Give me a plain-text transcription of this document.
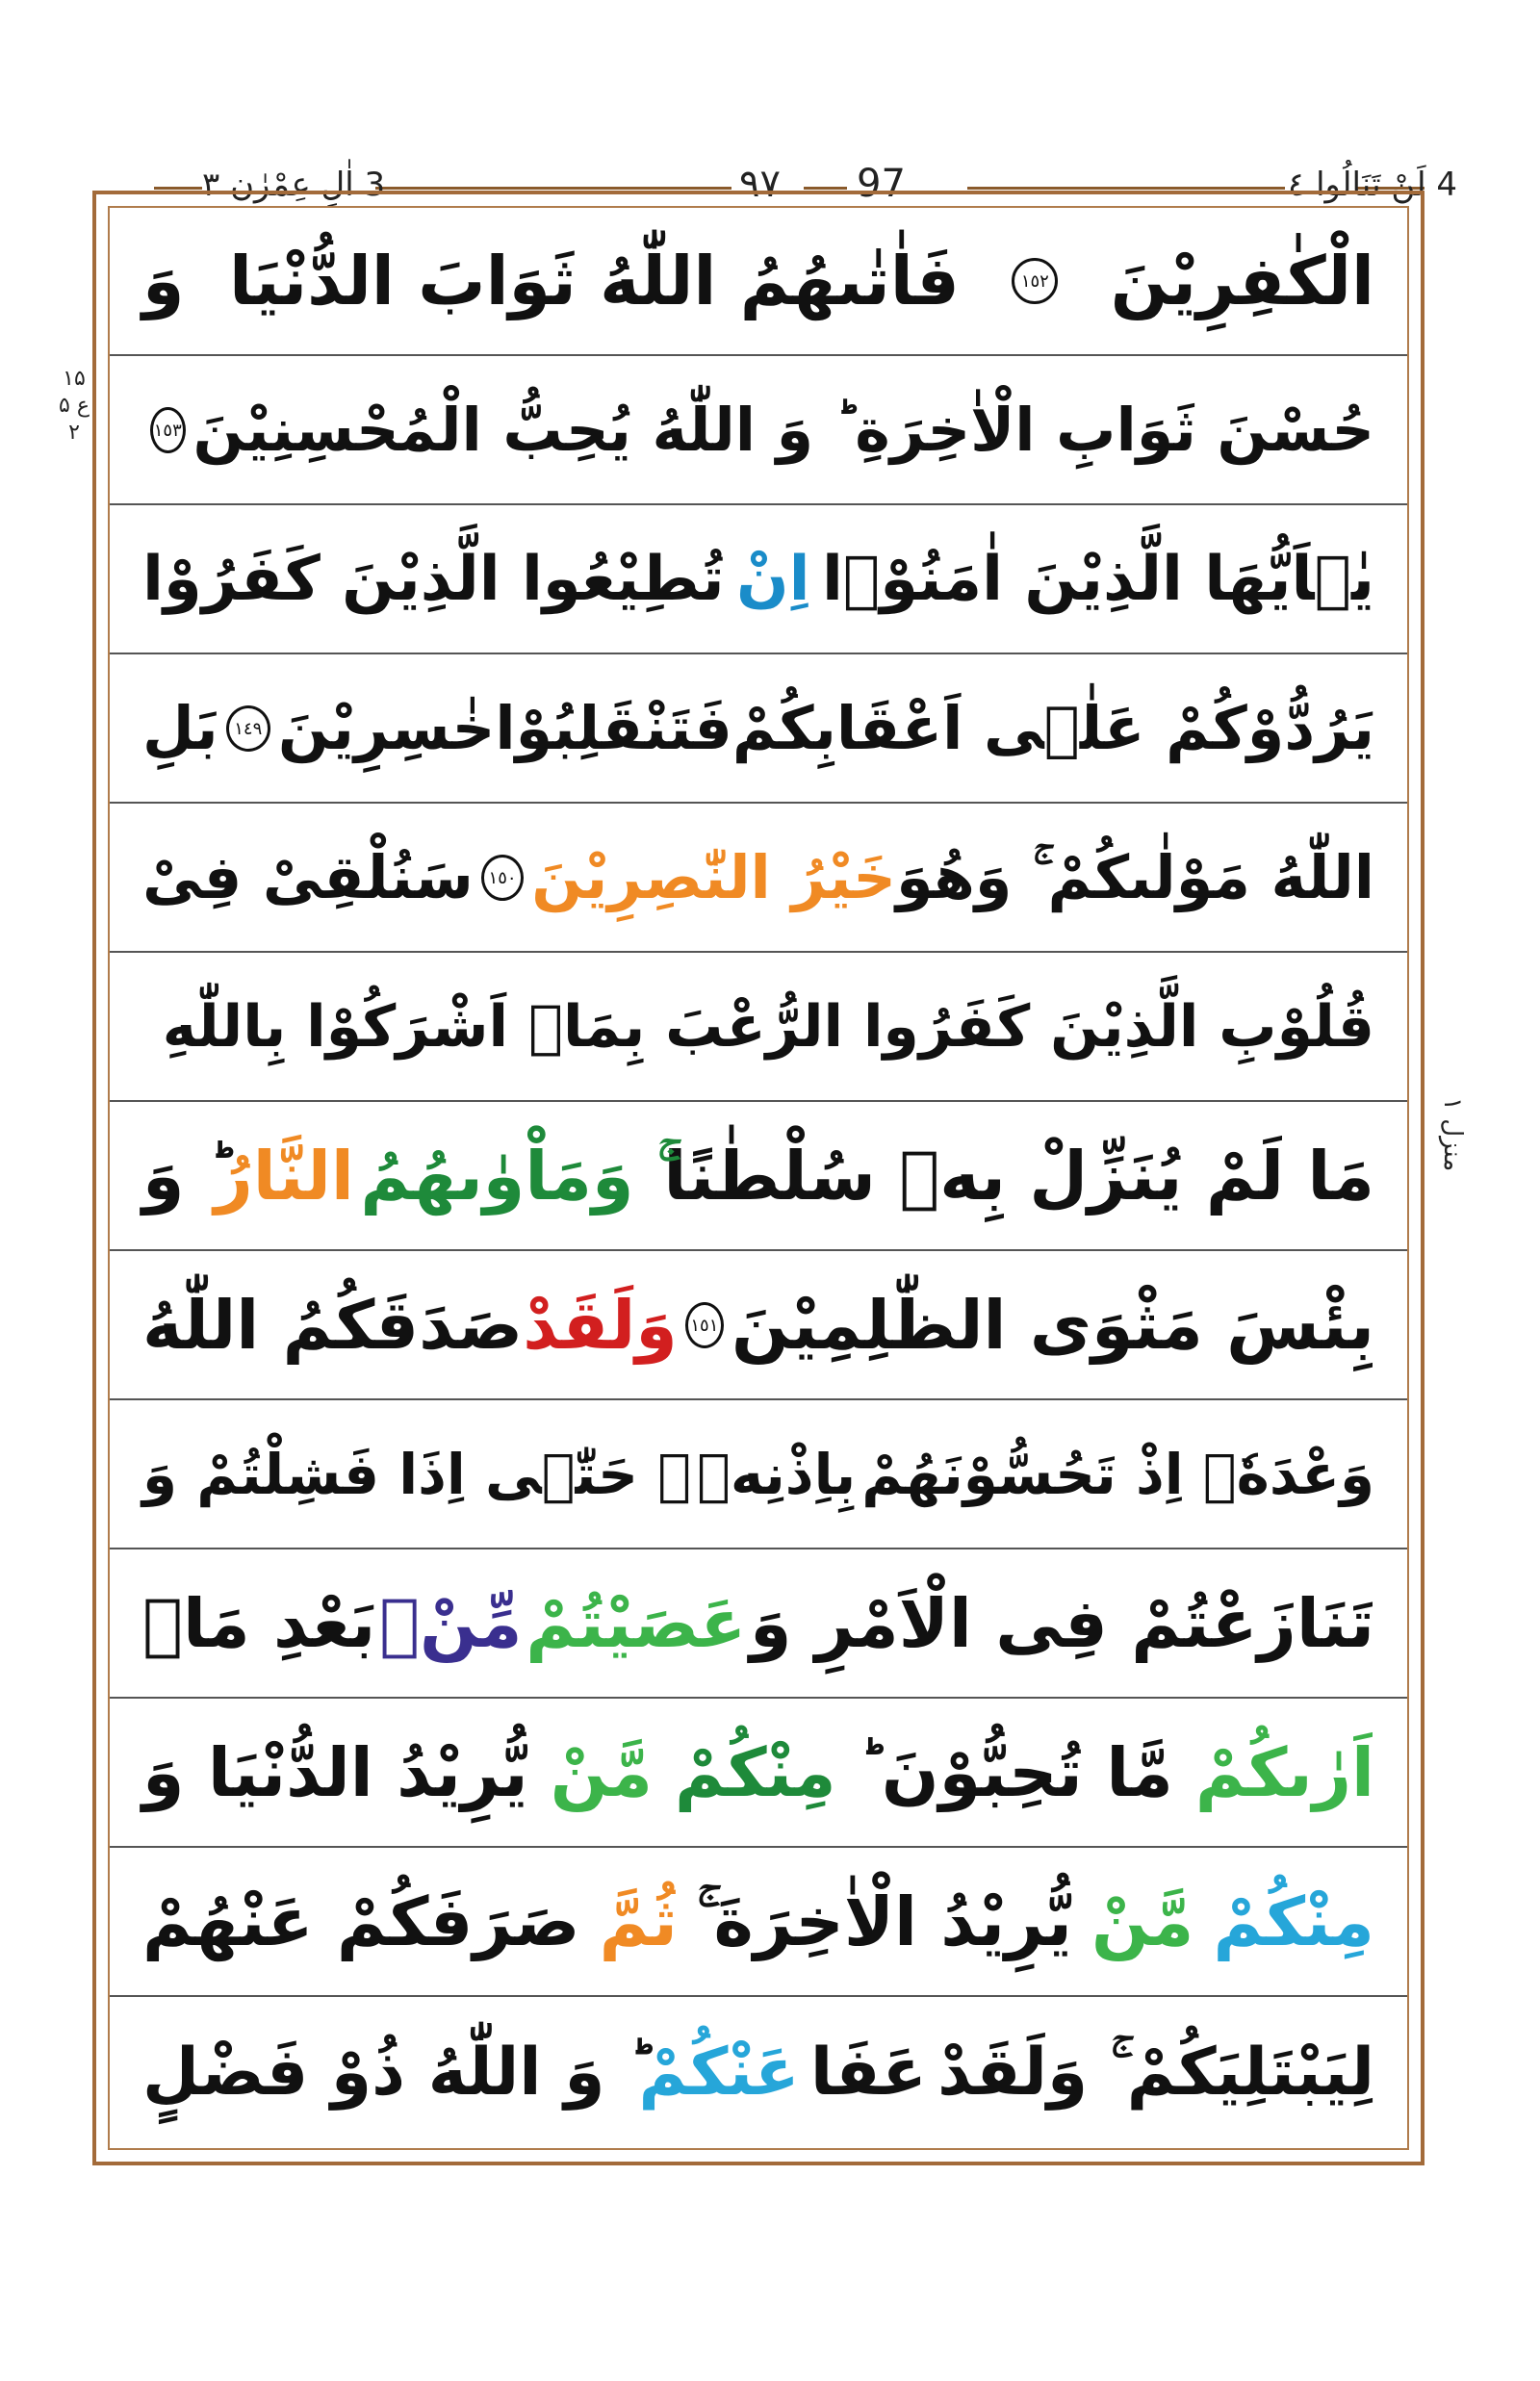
3 اٰلِ عِمْرٰن ٣	٩٧ 97	4 لَنْ تَنَالُوا ٤
۱۵ ع ۵ ۲
منزل ۱
الْكٰفِرِیْنَ
١٥٢
فَاٰتٰىهُمُ اللّٰهُ ثَوَابَ الدُّنْیَا
وَ
حُسْنَ ثَوَابِ الْاٰخِرَةِ ؕ وَ اللّٰهُ یُحِبُّ الْمُحْسِنِیْنَ
١٥٣
یٰۤاَیُّهَا الَّذِیْنَ اٰمَنُوْۤا
اِنْ
تُطِیْعُوا الَّذِیْنَ كَفَرُوْا
یَرُدُّوْكُمْ عَلٰۤى اَعْقَابِكُمْ
فَتَنْقَلِبُوْا
خٰسِرِیْنَ
١٤٩
بَلِ
اللّٰهُ مَوْلٰىكُمْ ۚ وَهُوَ
خَیْرُ النّٰصِرِیْنَ
١٥٠
سَنُلْقِیْ فِیْ
قُلُوْبِ الَّذِیْنَ كَفَرُوا الرُّعْبَ بِمَاۤ اَشْرَكُوْا بِاللّٰهِ
مَا لَمْ یُنَزِّلْ بِهٖ سُلْطٰنًا
ۚ وَمَاْوٰىهُمُ
النَّارُ
ؕ وَ
بِئْسَ مَثْوَى الظّٰلِمِیْنَ
١٥١
وَلَقَدْ
صَدَقَكُمُ اللّٰهُ
وَعْدَهٗۤ اِذْ تَحُسُّوْنَهُمْ
بِاِذْنِهٖ
ۚ حَتّٰۤى اِذَا فَشِلْتُمْ وَ
تَنَازَعْتُمْ فِی الْاَمْرِ وَ
عَصَیْتُمْ
مِّنْۢ
بَعْدِ مَاۤ
اَرٰىكُمْ
مَّا تُحِبُّوْنَ ؕ
مِنْكُمْ
مَّنْ
یُّرِیْدُ الدُّنْیَا وَ
مِنْكُمْ
مَّنْ
یُّرِیْدُ الْاٰخِرَةَ ۚ
ثُمَّ
صَرَفَكُمْ عَنْهُمْ
لِیَبْتَلِیَكُمْ ۚ وَلَقَدْ
عَفَا
عَنْكُمْ
ؕ وَ اللّٰهُ ذُوْ فَضْلٍ
